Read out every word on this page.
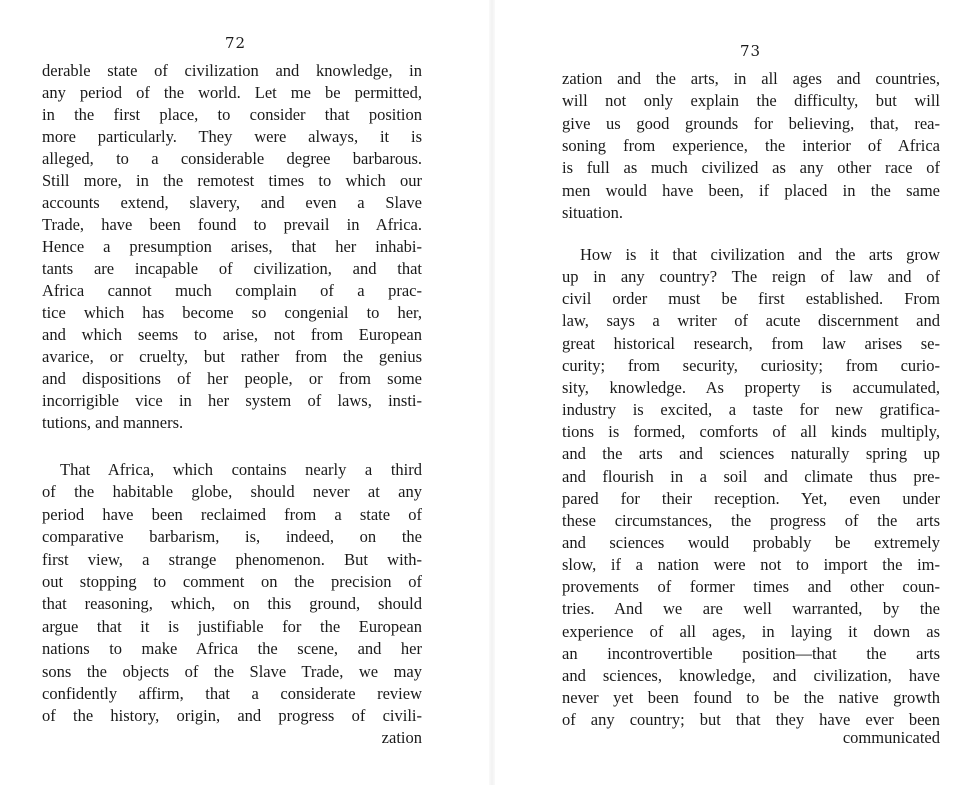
72
derable state of civilization and knowledge, in
any period of the world. Let me be permitted,
in the first place, to consider that position
more particularly. They were always, it is
alleged, to a considerable degree barbarous.
Still more, in the remotest times to which our
accounts extend, slavery, and even a Slave
Trade, have been found to prevail in Africa.
Hence a presumption arises, that her inhabi-
tants are incapable of civilization, and that
Africa cannot much complain of a prac-
tice which has become so congenial to her,
and which seems to arise, not from European
avarice, or cruelty, but rather from the genius
and dispositions of her people, or from some
incorrigible vice in her system of laws, insti-
tutions, and manners.
That Africa, which contains nearly a third
of the habitable globe, should never at any
period have been reclaimed from a state of
comparative barbarism, is, indeed, on the
first view, a strange phenomenon. But with-
out stopping to comment on the precision of
that reasoning, which, on this ground, should
argue that it is justifiable for the European
nations to make Africa the scene, and her
sons the objects of the Slave Trade, we may
confidently affirm, that a considerate review
of the history, origin, and progress of civili-
zation
73
zation and the arts, in all ages and countries,
will not only explain the difficulty, but will
give us good grounds for believing, that, rea-
soning from experience, the interior of Africa
is full as much civilized as any other race of
men would have been, if placed in the same
situation.
How is it that civilization and the arts grow
up in any country? The reign of law and of
civil order must be first established. From
law, says a writer of acute discernment and
great historical research, from law arises se-
curity; from security, curiosity; from curio-
sity, knowledge. As property is accumulated,
industry is excited, a taste for new gratifica-
tions is formed, comforts of all kinds multiply,
and the arts and sciences naturally spring up
and flourish in a soil and climate thus pre-
pared for their reception. Yet, even under
these circumstances, the progress of the arts
and sciences would probably be extremely
slow, if a nation were not to import the im-
provements of former times and other coun-
tries. And we are well warranted, by the
experience of all ages, in laying it down as
an incontrovertible position—that the arts
and sciences, knowledge, and civilization, have
never yet been found to be the native growth
of any country; but that they have ever been
communicated
